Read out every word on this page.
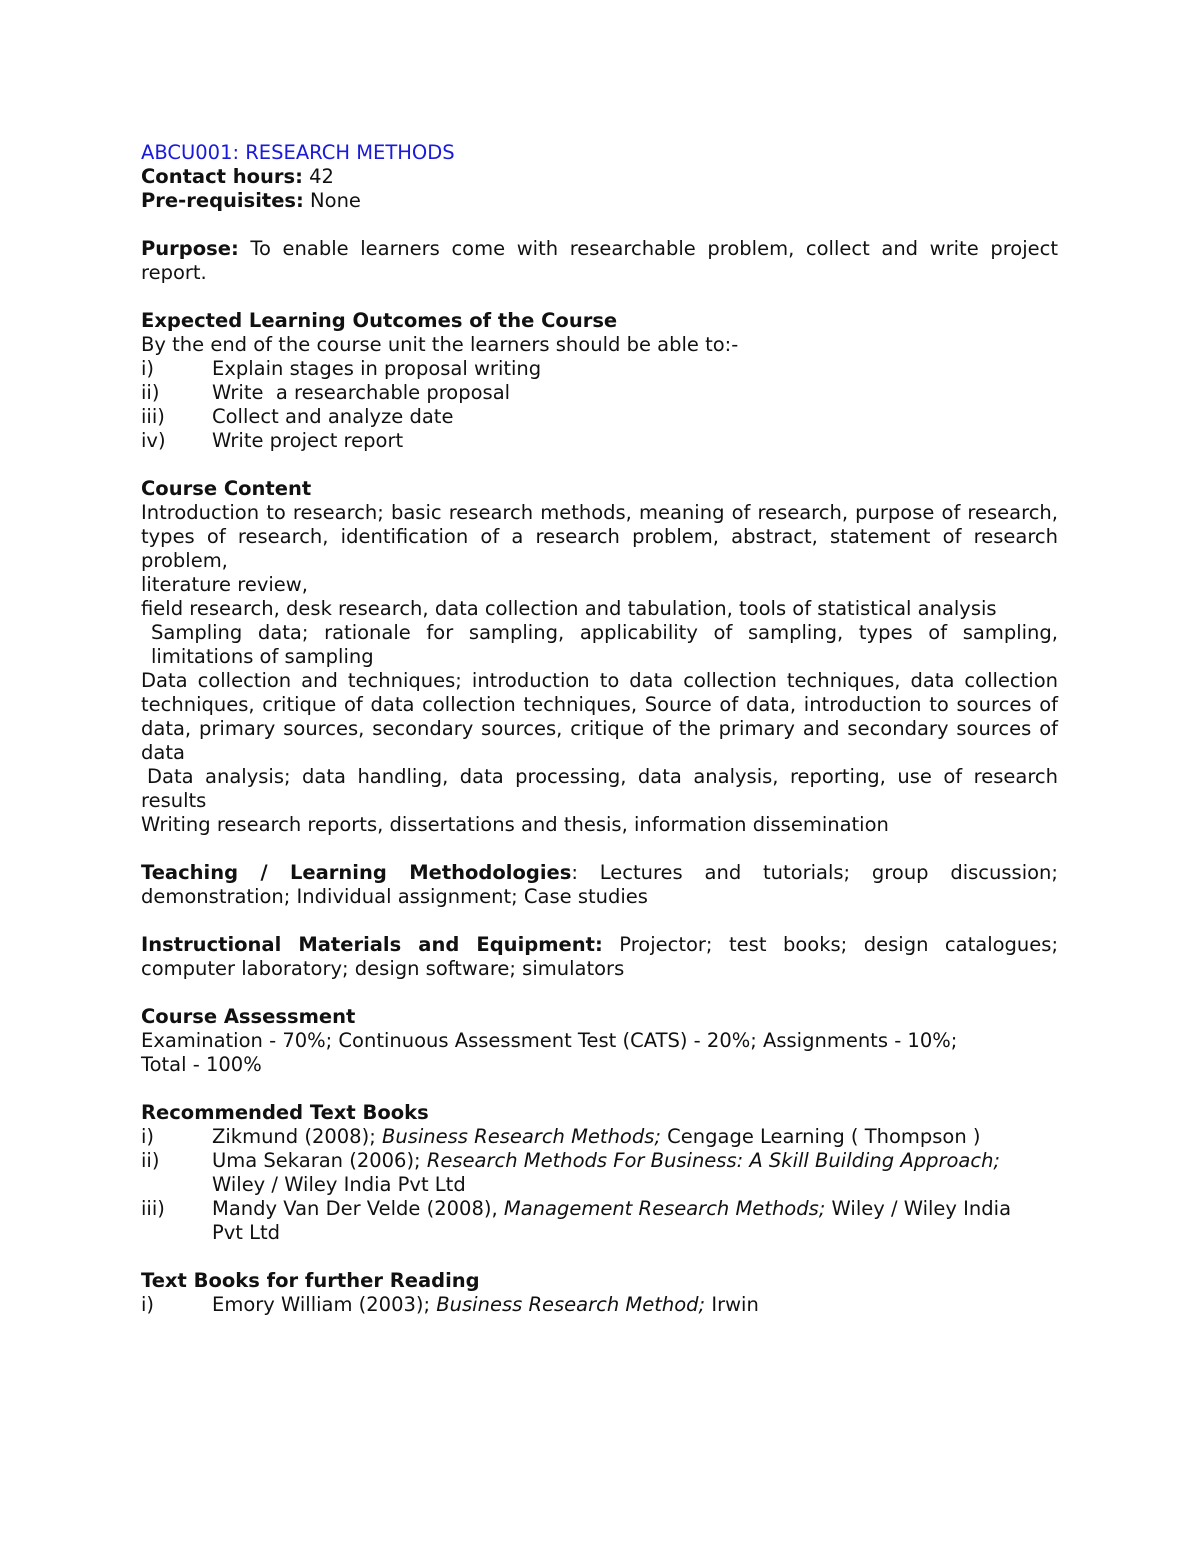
ABCU001: RESEARCH METHODS
Contact hours: 42
Pre-requisites: None
Purpose: To enable learners come with researchable problem, collect and write project report.
Expected Learning Outcomes of the Course
By the end of the course unit the learners should be able to:-
i)	Explain stages in proposal writing
ii)	Write  a researchable proposal
iii)	Collect and analyze date
iv)	Write project report
Course Content
Introduction to research; basic research methods, meaning of research, purpose of research, types of research, identification of a research problem, abstract, statement of research problem,
literature review,
field research, desk research, data collection and tabulation, tools of statistical analysis
Sampling data; rationale for sampling, applicability of sampling, types of sampling, limitations of sampling
Data collection and techniques; introduction to data collection techniques, data collection techniques, critique of data collection techniques, Source of data, introduction to sources of data, primary sources, secondary sources, critique of the primary and secondary sources of data
Data analysis; data handling, data processing, data analysis, reporting, use of research results
Writing research reports, dissertations and thesis, information dissemination
Teaching / Learning Methodologies: Lectures and tutorials; group discussion; demonstration; Individual assignment; Case studies
Instructional Materials and Equipment: Projector; test books; design catalogues; computer laboratory; design software; simulators
Course Assessment
Examination - 70%; Continuous Assessment Test (CATS) - 20%; Assignments - 10%;
Total - 100%
Recommended Text Books
i)	Zikmund (2008); Business Research Methods; Cengage Learning ( Thompson )
ii)	Uma Sekaran (2006); Research Methods For Business: A Skill Building Approach; Wiley / Wiley India Pvt Ltd
iii)	Mandy Van Der Velde (2008), Management Research Methods; Wiley / Wiley India Pvt Ltd
Text Books for further Reading
i)	Emory William (2003); Business Research Method; Irwin
